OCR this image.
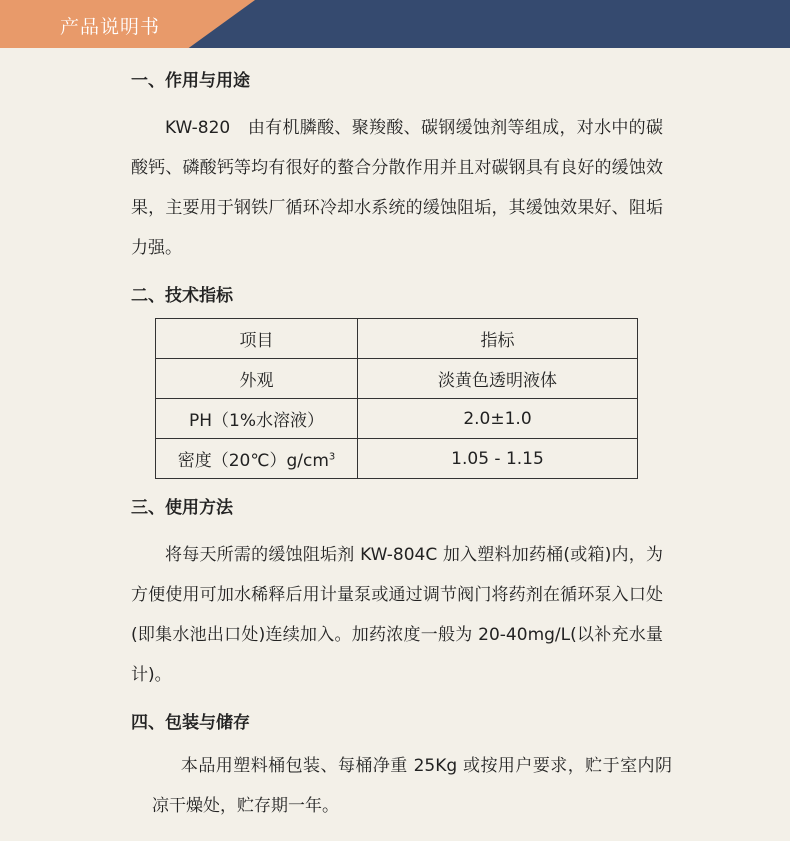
产品说明书
一、作用与用途

KW-820　由有机膦酸、聚羧酸、碳钢缓蚀剂等组成，对水中的碳酸钙、磷酸钙等均有很好的螯合分散作用并且对碳钢具有良好的缓蚀效果，主要用于钢铁厂循环冷却水系统的缓蚀阻垢，其缓蚀效果好、阻垢力强。

二、技术指标
项目	指标
外观	淡黄色透明液体
PH（1%水溶液）	2.0±1.0
密度$(20℃)g/cm^3$	1.05 - 1.15
三、使用方法

将每天所需的缓蚀阻垢剂 KW-804C 加入塑料加药桶(或箱)内，为方便使用可加水稀释后用计量泵或通过调节阀门将药剂在循环泵入口处(即集水池出口处)连续加入。加药浓度一般为 20-40mg/L(以补充水量计)。

四、包装与储存

本品用塑料桶包装、每桶净重 25Kg 或按用户要求，贮于室内阴凉干燥处，贮存期一年。
